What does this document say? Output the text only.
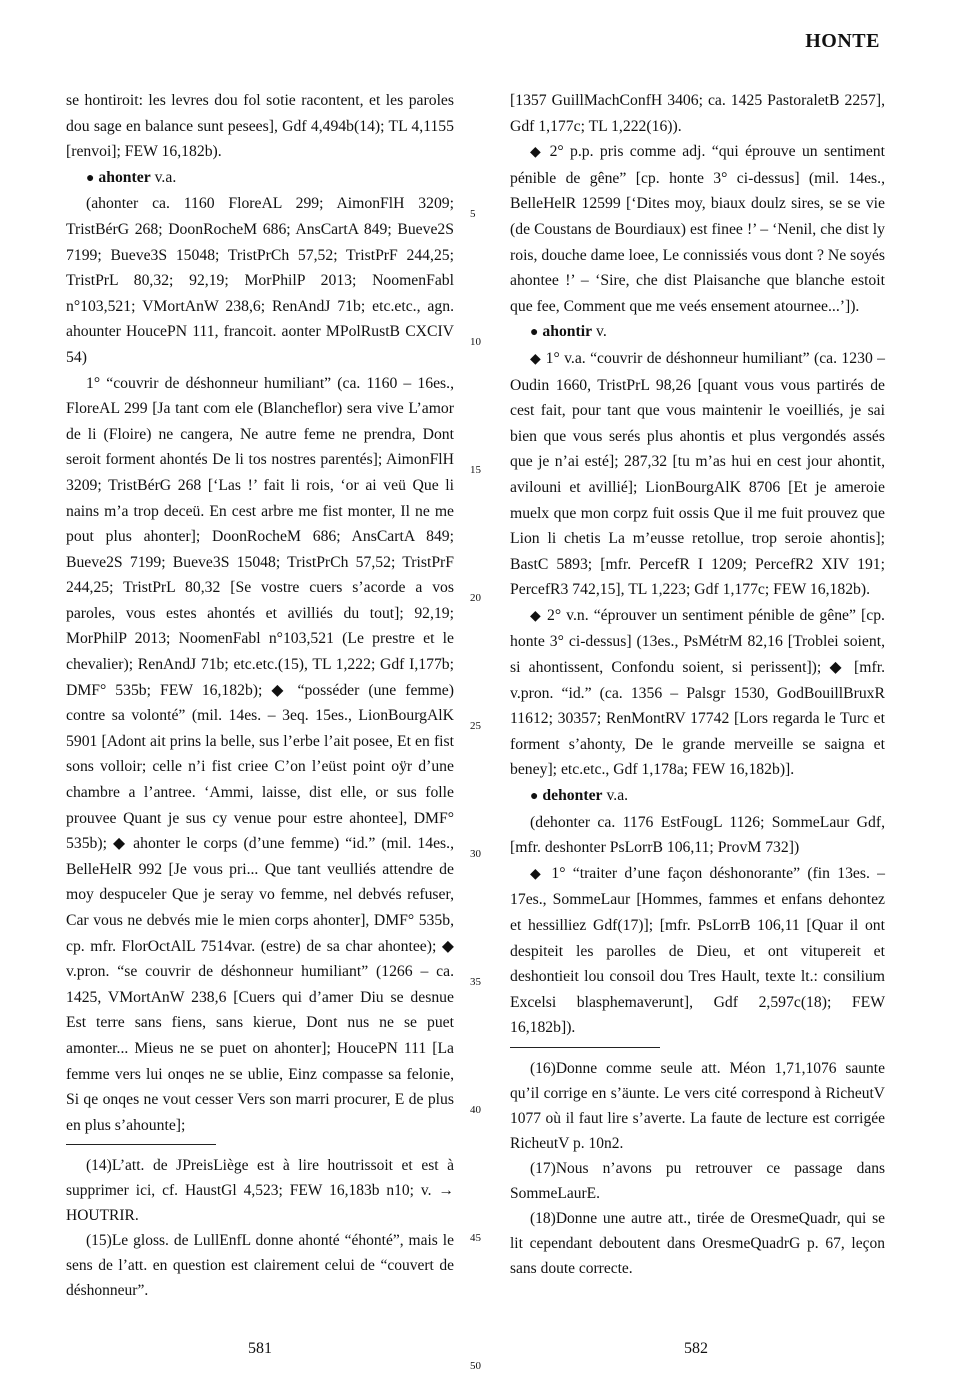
HONTE

se hontiroit: les levres dou fol sotie racontent, et les paroles dou sage en balance sunt pesees], Gdf 4,494b(14); TL 4,1155 [renvoi]; FEW 16,182b).

● ahonter v.a.

(ahonter ca. 1160 FloreAL 299; AimonFlH 3209; TristBérG 268; DoonRocheM 686; AnsCartA 849; Bueve2S 7199; Bueve3S 15048; TristPrCh 57,52; TristPrF 244,25; TristPrL 80,32; 92,19; MorPhilP 2013; NoomenFabl n°103,521; VMortAnW 238,6; RenAndJ 71b; etc.etc., agn. ahounter HoucePN 111, francoit. aonter MPolRustB CXCIV 54)

1° “couvrir de déshonneur humiliant” (ca. 1160 – 16es., FloreAL 299 [Ja tant com ele (Blancheflor) sera vive L’amor de li (Floire) ne cangera, Ne autre feme ne prendra, Dont seroit forment ahontés De li tos nostres parentés]; AimonFlH 3209; TristBérG 268 [‘Las !’ fait li rois, ‘or ai veü Que li nains m’a trop deceü. En cest arbre me fist monter, Il ne me pout plus ahonter]; DoonRocheM 686; AnsCartA 849; Bueve2S 7199; Bueve3S 15048; TristPrCh 57,52; TristPrF 244,25; TristPrL 80,32 [Se vostre cuers s’acorde a vos paroles, vous estes ahontés et avilliés du tout]; 92,19; MorPhilP 2013; NoomenFabl n°103,521 (Le prestre et le chevalier); RenAndJ 71b; etc.etc.(15), TL 1,222; Gdf I,177b; DMF° 535b; FEW 16,182b); ◆ “posséder (une femme) contre sa volonté” (mil. 14es. – 3eq. 15es., LionBourgAlK 5901 [Adont ait prins la belle, sus l’erbe l’ait posee, Et en fist sons volloir; celle n’i fist criee C’on l’eüst point oÿr d’une chambre a l’antree. ‘Ammi, laisse, dist elle, or sus folle prouvee Quant je sus cy venue pour estre ahontee], DMF° 535b); ◆ ahonter le corps (d’une femme) “id.” (mil. 14es., BelleHelR 992 [Je vous pri... Que tant veulliés attendre de moy despuceler Que je seray vo femme, nel debvés refuser, Car vous ne debvés mie le mien corps ahonter], DMF° 535b, cp. mfr. FlorOctAlL 7514var. (estre) de sa char ahontee); ◆ v.pron. “se couvrir de déshonneur humiliant” (1266 – ca. 1425, VMortAnW 238,6 [Cuers qui d’amer Diu se desnue Est terre sans fiens, sans kierue, Dont nus ne se puet amonter... Mieus ne se puet on ahonter]; HoucePN 111 [La femme vers lui onqes ne se ublie, Einz compasse sa felonie, Si qe onqes ne vout cesser Vers son marri procurer, E de plus en plus s’ahounte];

(14)L’att. de JPreisLiège est à lire houtrissoit et est à supprimer ici, cf. HaustGl 4,523; FEW 16,183b n10; v. → HOUTRIR.

(15)Le gloss. de LullEnfL donne ahonté “éhonté”, mais le sens de l’att. en question est clairement celui de “couvert de déshonneur”.

5
10
15
20
25
30
35
40
45
50

[1357 GuillMachConfH 3406; ca. 1425 PastoraletB 2257], Gdf 1,177c; TL 1,222(16)).

◆ 2° p.p. pris comme adj. “qui éprouve un sentiment pénible de gêne” [cp. honte 3° ci-dessus] (mil. 14es., BelleHelR 12599 [‘Dites moy, biaux doulz sires, se se vie (de Coustans de Bourdiaux) est finee !’ – ‘Nenil, che dist ly rois, douche dame loee, Le connissiés vous dont ? Ne soyés ahontee !’ – ‘Sire, che dist Plaisanche que blanche estoit que fee, Comment que me veés ensement atournee...’]).

● ahontir v.

◆ 1° v.a. “couvrir de déshonneur humiliant” (ca. 1230 – Oudin 1660, TristPrL 98,26 [quant vous vous partirés de cest fait, pour tant que vous maintenir le voeilliés, je sai bien que vous serés plus ahontis et plus vergondés assés que je n’ai esté]; 287,32 [tu m’as hui en cest jour ahontit, avilouni et avillié]; LionBourgAlK 8706 [Et je ameroie muelx que mon corpz fuit ossis Que il me fuit prouvez que Lion li chetis La m’eusse retollue, trop seroie ahontis]; BastC 5893; [mfr. PercefR I 1209; PercefR2 XIV 191; PercefR3 742,15], TL 1,223; Gdf 1,177c; FEW 16,182b).

◆ 2° v.n. “éprouver un sentiment pénible de gêne” [cp. honte 3° ci-dessus] (13es., PsMétrM 82,16 [Troblei soient, si ahontissent, Confondu soient, si perissent]); ◆ [mfr. v.pron. “id.” (ca. 1356 – Palsgr 1530, GodBouillBruxR 11612; 30357; RenMontRV 17742 [Lors regarda le Turc et forment s’ahonty, De le grande merveille se saigna et beney]; etc.etc., Gdf 1,178a; FEW 16,182b)].

● dehonter v.a.

(dehonter ca. 1176 EstFougL 1126; SommeLaur Gdf, [mfr. deshonter PsLorrB 106,11; ProvM 732])

◆ 1° “traiter d’une façon déshonorante” (fin 13es. – 17es., SommeLaur [Hommes, fammes et enfans dehontez et hessilliez Gdf(17)]; [mfr. PsLorrB 106,11 [Quar il ont despiteit les parolles de Dieu, et ont vitupereit et deshontieit lou consoil dou Tres Hault, texte lt.: consilium Excelsi blasphemaverunt], Gdf 2,597c(18); FEW 16,182b]).

(16)Donne comme seule att. Méon 1,71,1076 saunte qu’il corrige en s’äunte. Le vers cité correspond à RicheutV 1077 où il faut lire s’averte. La faute de lecture est corrigée RicheutV p. 10n2.

(17)Nous n’avons pu retrouver ce passage dans SommeLaurE.

(18)Donne une autre att., tirée de OresmeQuadr, qui se lit cependant deboutent dans OresmeQuadrG p. 67, leçon sans doute correcte.

581	582
